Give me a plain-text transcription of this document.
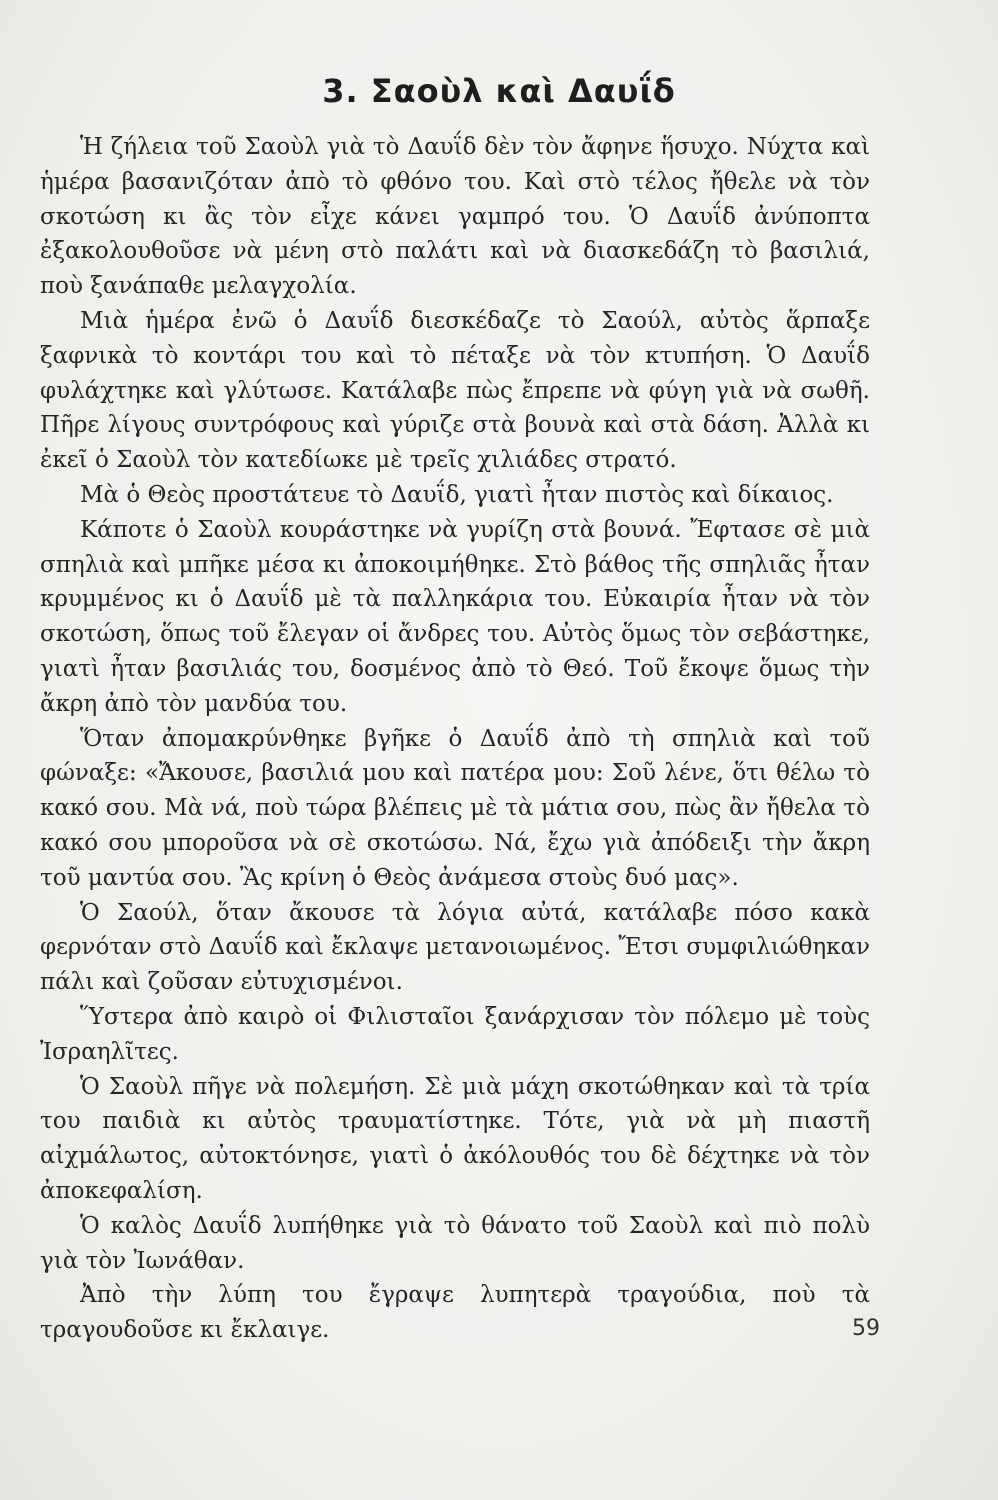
3. Σαοὺλ καὶ Δαυΐδ

Ἡ ζήλεια τοῦ Σαοὺλ γιὰ τὸ Δαυΐδ δὲν τὸν ἄφηνε ἥσυχο. Νύχτα καὶ ἡμέρα βασανιζόταν ἀπὸ τὸ φθόνο του. Καὶ στὸ τέλος ἤθελε νὰ τὸν σκοτώση κι ἂς τὸν εἶχε κάνει γαμπρό του. Ὁ Δαυΐδ ἀνύποπτα ἐξακολουθοῦσε νὰ μένη στὸ παλάτι καὶ νὰ διασκεδάζη τὸ βασιλιά, ποὺ ξανάπαθε μελαγχολία.

Μιὰ ἡμέρα ἐνῶ ὁ Δαυΐδ διεσκέδαζε τὸ Σαούλ, αὐτὸς ἅρπαξε ξαφνικὰ τὸ κοντάρι του καὶ τὸ πέταξε νὰ τὸν κτυπήση. Ὁ Δαυΐδ φυλάχτηκε καὶ γλύτωσε. Κατάλαβε πὼς ἔπρεπε νὰ φύγη γιὰ νὰ σωθῆ. Πῆρε λίγους συντρόφους καὶ γύριζε στὰ βουνὰ καὶ στὰ δάση. Ἀλλὰ κι ἐκεῖ ὁ Σαοὺλ τὸν κατεδίωκε μὲ τρεῖς χιλιάδες στρατό.

Μὰ ὁ Θεὸς προστάτευε τὸ Δαυΐδ, γιατὶ ἦταν πιστὸς καὶ δίκαιος.

Κάποτε ὁ Σαοὺλ κουράστηκε νὰ γυρίζη στὰ βουνά. Ἔφτασε σὲ μιὰ σπηλιὰ καὶ μπῆκε μέσα κι ἀποκοιμήθηκε. Στὸ βάθος τῆς σπηλιᾶς ἦταν κρυμμένος κι ὁ Δαυΐδ μὲ τὰ παλληκάρια του. Εὐκαιρία ἦταν νὰ τὸν σκοτώση, ὅπως τοῦ ἔλεγαν οἱ ἄνδρες του. Αὐτὸς ὅμως τὸν σεβάστηκε, γιατὶ ἦταν βασιλιάς του, δοσμένος ἀπὸ τὸ Θεό. Τοῦ ἔκοψε ὅμως τὴν ἄκρη ἀπὸ τὸν μανδύα του.

Ὅταν ἀπομακρύνθηκε βγῆκε ὁ Δαυΐδ ἀπὸ τὴ σπηλιὰ καὶ τοῦ φώναξε: «Ἄκουσε, βασιλιά μου καὶ πατέρα μου: Σοῦ λένε, ὅτι θέλω τὸ κακό σου. Μὰ νά, ποὺ τώρα βλέπεις μὲ τὰ μάτια σου, πὼς ἂν ἤθελα τὸ κακό σου μποροῦσα νὰ σὲ σκοτώσω. Νά, ἔχω γιὰ ἀπόδειξι τὴν ἄκρη τοῦ μαντύα σου. Ἂς κρίνη ὁ Θεὸς ἀνάμεσα στοὺς δυό μας».

Ὁ Σαούλ, ὅταν ἄκουσε τὰ λόγια αὐτά, κατάλαβε πόσο κακὰ φερνόταν στὸ Δαυΐδ καὶ ἔκλαψε μετανοιωμένος. Ἔτσι συμφιλιώθηκαν πάλι καὶ ζοῦσαν εὐτυχισμένοι.

Ὕστερα ἀπὸ καιρὸ οἱ Φιλισταῖοι ξανάρχισαν τὸν πόλεμο μὲ τοὺς Ἰσραηλῖτες.

Ὁ Σαοὺλ πῆγε νὰ πολεμήση. Σὲ μιὰ μάχη σκοτώθηκαν καὶ τὰ τρία του παιδιὰ κι αὐτὸς τραυματίστηκε. Τότε, γιὰ νὰ μὴ πιαστῆ αἰχμάλωτος, αὐτοκτόνησε, γιατὶ ὁ ἀκόλουθός του δὲ δέχτηκε νὰ τὸν ἀποκεφαλίση.

Ὁ καλὸς Δαυΐδ λυπήθηκε γιὰ τὸ θάνατο τοῦ Σαοὺλ καὶ πιὸ πολὺ γιὰ τὸν Ἰωνάθαν.

Ἀπὸ τὴν λύπη του ἔγραψε λυπητερὰ τραγούδια, ποὺ τὰ τραγουδοῦσε κι ἔκλαιγε.	59
